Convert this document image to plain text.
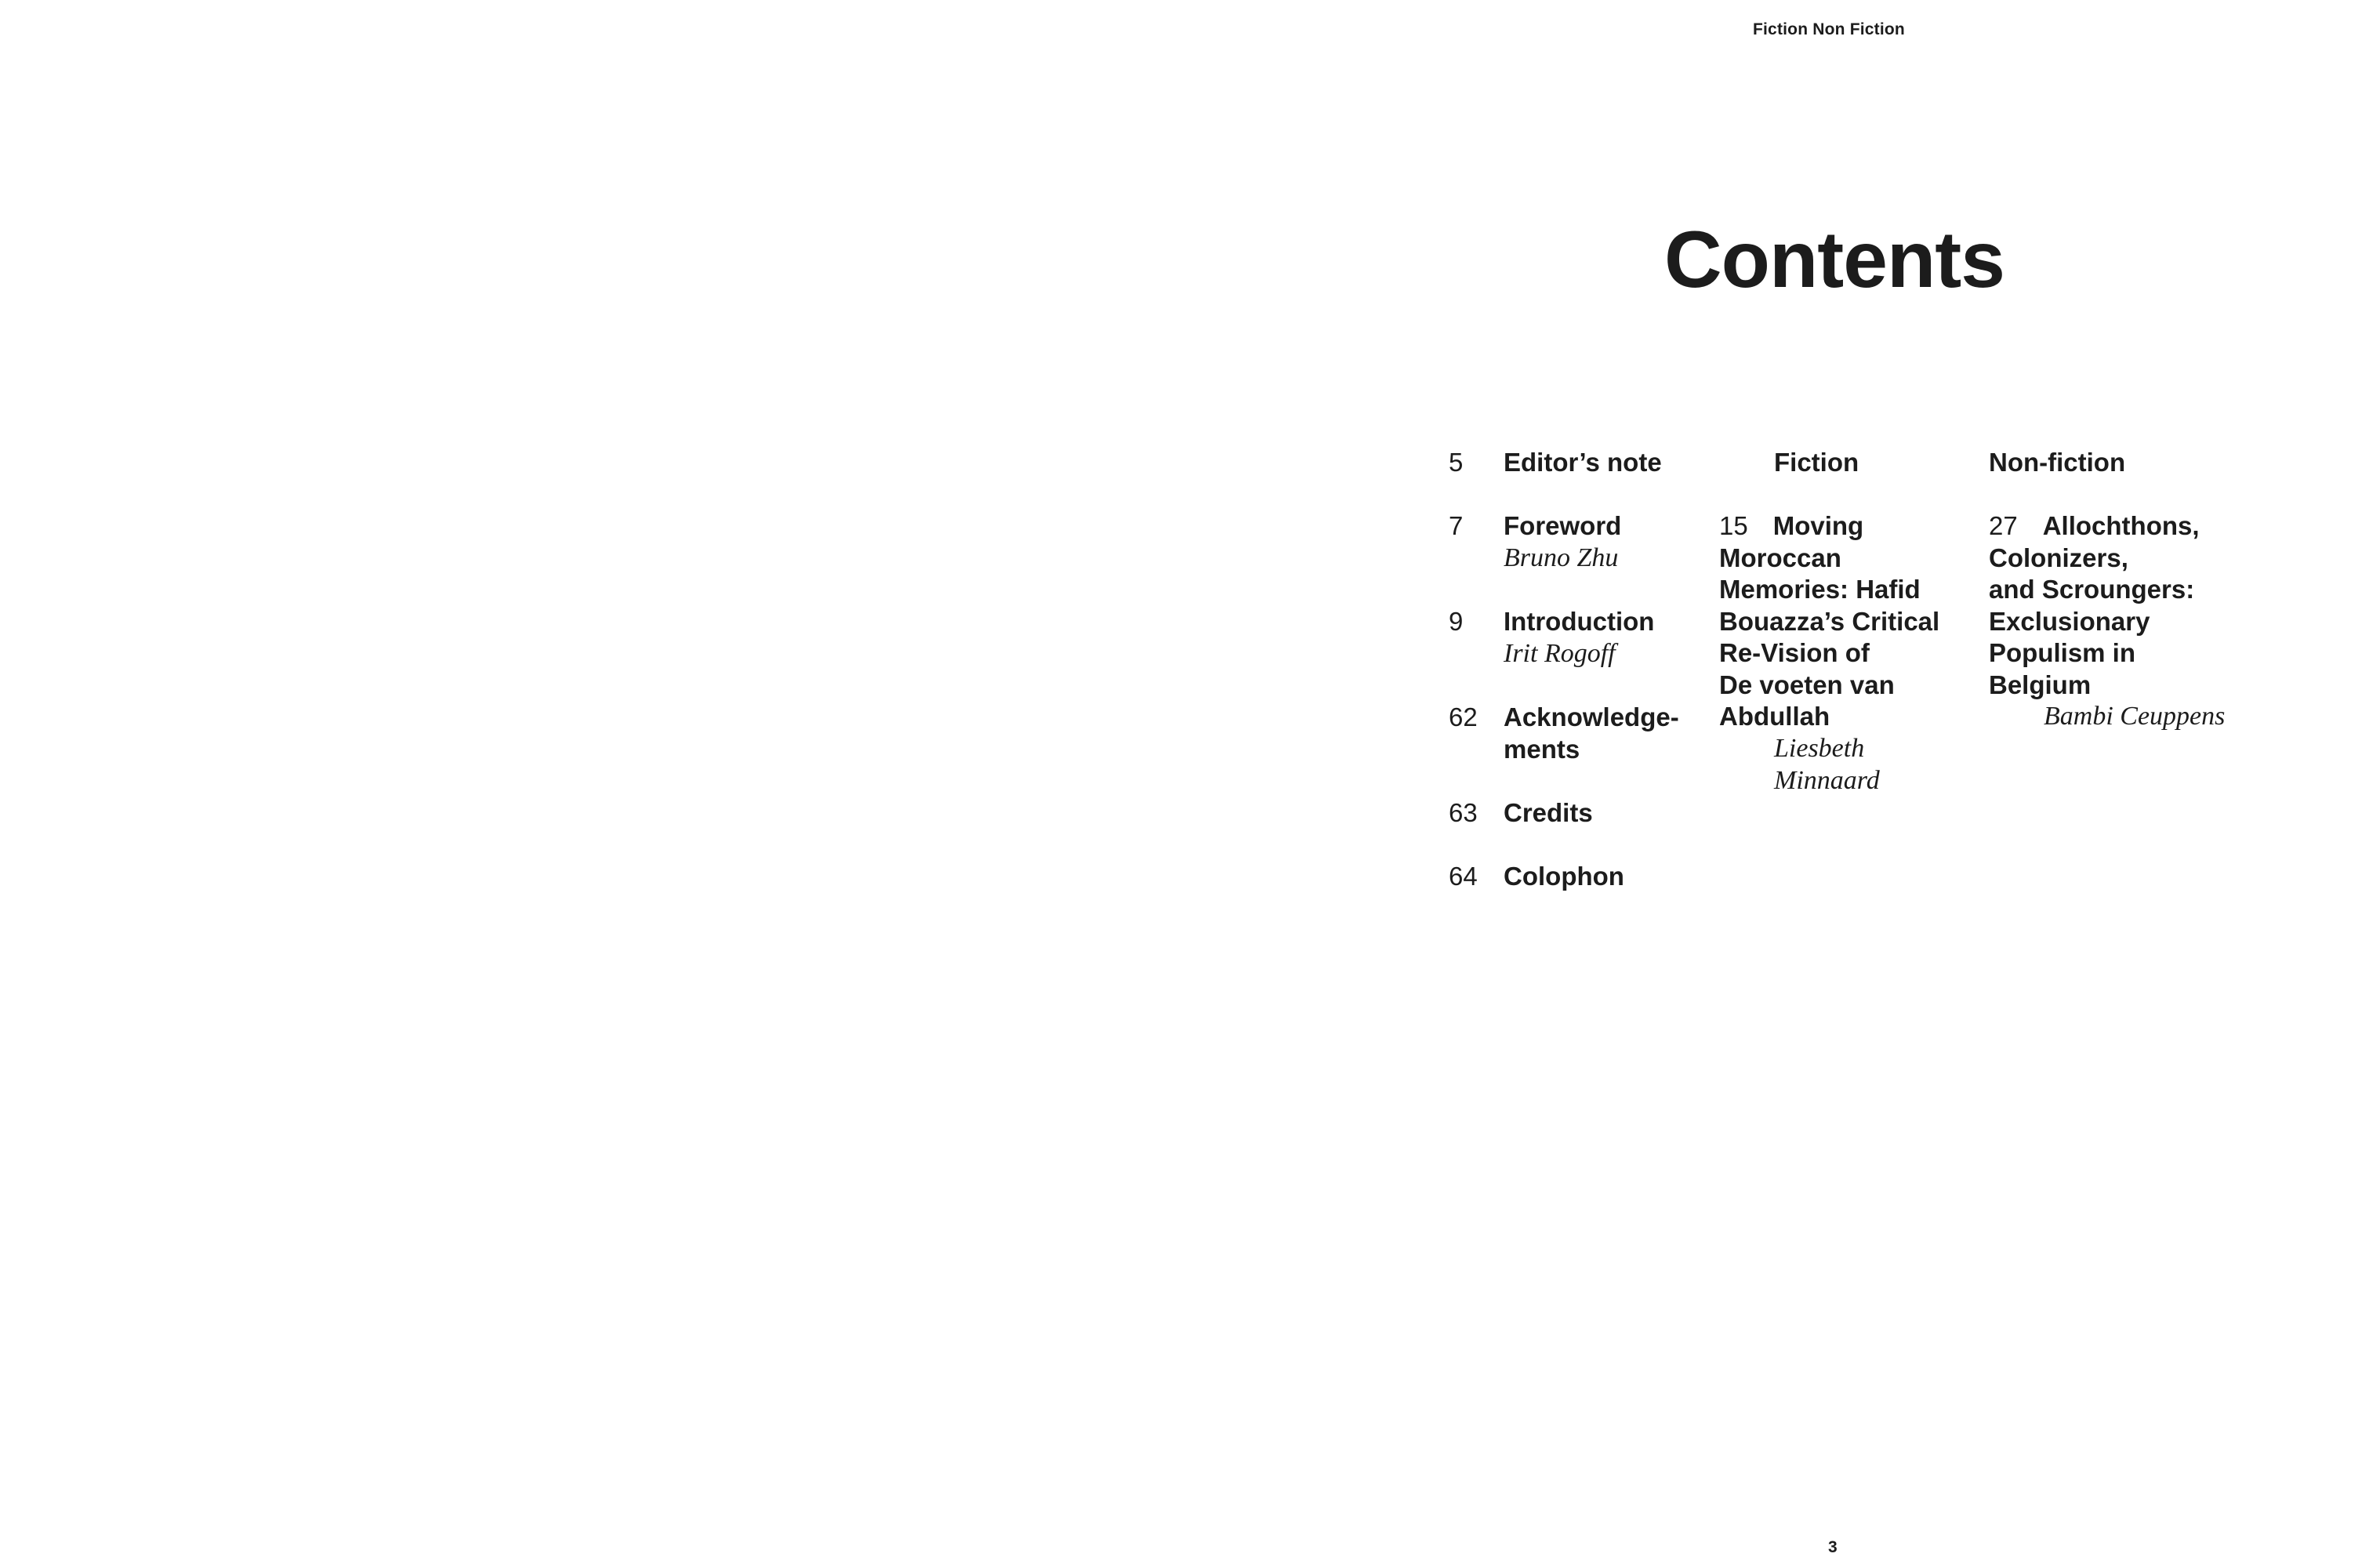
Fiction Non Fiction
Contents
5 Editor’s note
7 Foreword
Bruno Zhu
9 Introduction
Irit Rogoff
62 Acknowledge-
ments
63 Credits
64 Colophon
Fiction
15 Moving
Moroccan
Memories: Hafid
Bouazza’s Critical
Re-Vision of
De voeten van
Abdullah
Liesbeth
Minnaard
Non-fiction
27 Allochthons,
Colonizers,
and Scroungers:
Exclusionary
Populism in
Belgium
Bambi Ceuppens
3
